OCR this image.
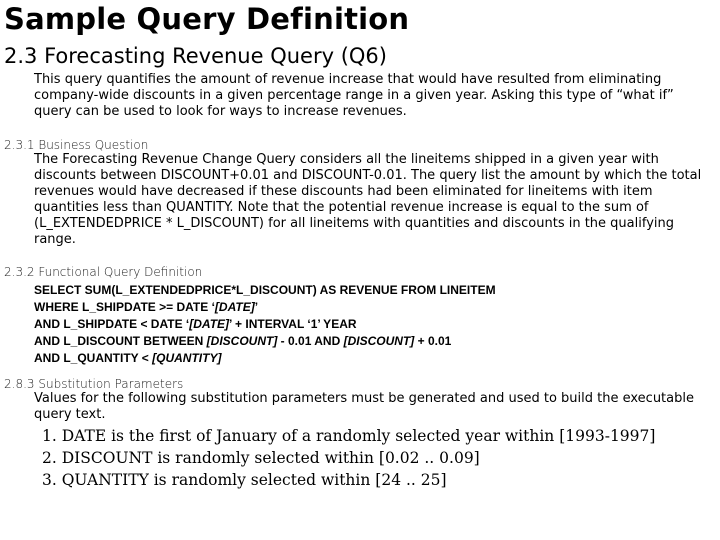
Sample Query Definition
2.3 Forecasting Revenue Query (Q6)
This query quantifies the amount of revenue increase that would have resulted from eliminating company-wide discounts in a given percentage range in a given year. Asking this type of “what if” query can be used to look for ways to increase revenues.
2.3.1 Business Question
The Forecasting Revenue Change Query considers all the lineitems shipped in a given year with discounts between DISCOUNT+0.01 and DISCOUNT-0.01. The query list the amount by which the total revenues would have decreased if these discounts had been eliminated for lineitems with item quantities less than QUANTITY. Note that the potential revenue increase is equal to the sum of (L_EXTENDEDPRICE * L_DISCOUNT) for all lineitems with quantities and discounts in the qualifying range.
2.3.2 Functional Query Definition
SELECT SUM(L_EXTENDEDPRICE*L_DISCOUNT) AS REVENUE FROM LINEITEM
WHERE L_SHIPDATE >= DATE ‘[DATE]’
AND L_SHIPDATE < DATE ‘[DATE]’ + INTERVAL ‘1’ YEAR
AND L_DISCOUNT BETWEEN [DISCOUNT] - 0.01 AND [DISCOUNT] + 0.01
AND L_QUANTITY < [QUANTITY]
2.8.3 Substitution Parameters
Values for the following substitution parameters must be generated and used to build the executable query text.
1. DATE is the first of January of a randomly selected year within [1993-1997]
2. DISCOUNT is randomly selected within [0.02 .. 0.09]
3. QUANTITY is randomly selected within [24 .. 25]
